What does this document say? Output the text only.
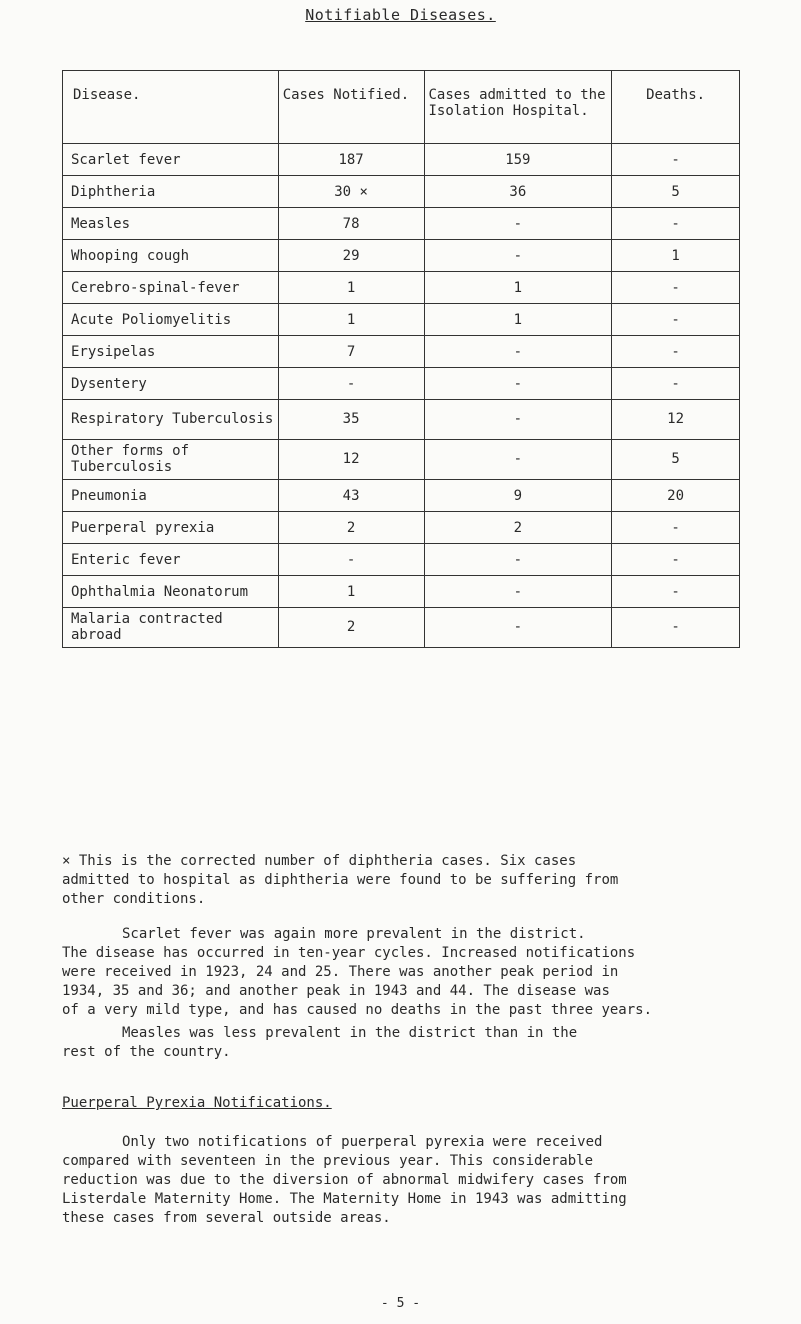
Notifiable Diseases.
Disease.	Cases Notified.	Cases admitted to the Isolation Hospital.	Deaths.
Scarlet fever	187	159	-
Diphtheria	30 ×	36	5
Measles	78	-	-
Whooping cough	29	-	1
Cerebro-spinal-fever	1	1	-
Acute Poliomyelitis	1	1	-
Erysipelas	7	-	-
Dysentery	-	-	-
Respiratory Tuberculosis	35	-	12
Other forms of Tuberculosis	12	-	5
Pneumonia	43	9	20
Puerperal pyrexia	2	2	-
Enteric fever	-	-	-
Ophthalmia Neonatorum	1	-	-
Malaria contracted abroad	2	-	-
× This is the corrected number of diphtheria cases. Six cases
admitted to hospital as diphtheria were found to be suffering from
other conditions.
Scarlet fever was again more prevalent in the district.
The disease has occurred in ten-year cycles. Increased notifications
were received in 1923, 24 and 25. There was another peak period in
1934, 35 and 36; and another peak in 1943 and 44. The disease was
of a very mild type, and has caused no deaths in the past three years.
Measles was less prevalent in the district than in the
rest of the country.
Puerperal Pyrexia Notifications.
Only two notifications of puerperal pyrexia were received
compared with seventeen in the previous year. This considerable
reduction was due to the diversion of abnormal midwifery cases from
Listerdale Maternity Home. The Maternity Home in 1943 was admitting
these cases from several outside areas.
- 5 -
